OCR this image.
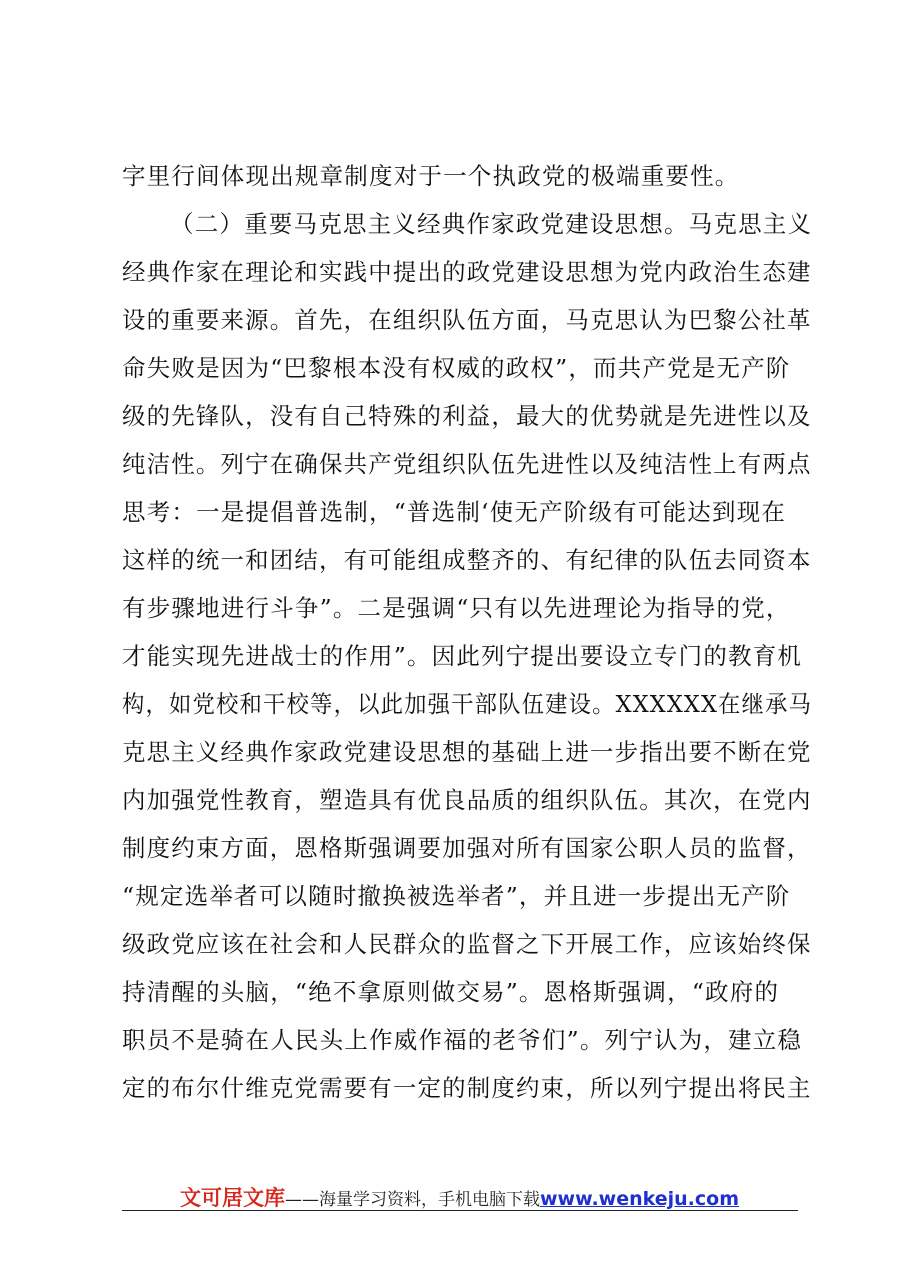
字里行间体现出规章制度对于一个执政党的极端重要性。
（二）重要马克思主义经典作家政党建设思想。马克思主义
经典作家在理论和实践中提出的政党建设思想为党内政治生态建
设的重要来源。首先，在组织队伍方面，马克思认为巴黎公社革
命失败是因为“巴黎根本没有权威的政权”，而共产党是无产阶
级的先锋队，没有自己特殊的利益，最大的优势就是先进性以及
纯洁性。列宁在确保共产党组织队伍先进性以及纯洁性上有两点
思考：一是提倡普选制，“普选制‘使无产阶级有可能达到现在
这样的统一和团结，有可能组成整齐的、有纪律的队伍去同资本
有步骤地进行斗争”。二是强调“只有以先进理论为指导的党，
才能实现先进战士的作用”。因此列宁提出要设立专门的教育机
构，如党校和干校等，以此加强干部队伍建设。XXXXXX在继承马
克思主义经典作家政党建设思想的基础上进一步指出要不断在党
内加强党性教育，塑造具有优良品质的组织队伍。其次，在党内
制度约束方面，恩格斯强调要加强对所有国家公职人员的监督，
“规定选举者可以随时撤换被选举者”，并且进一步提出无产阶
级政党应该在社会和人民群众的监督之下开展工作，应该始终保
持清醒的头脑，“绝不拿原则做交易”。恩格斯强调，“政府的
职员不是骑在人民头上作威作福的老爷们”。列宁认为，建立稳
定的布尔什维克党需要有一定的制度约束，所以列宁提出将民主
文可居文库——海量学习资料，手机电脑下载www.wenkeju.com
